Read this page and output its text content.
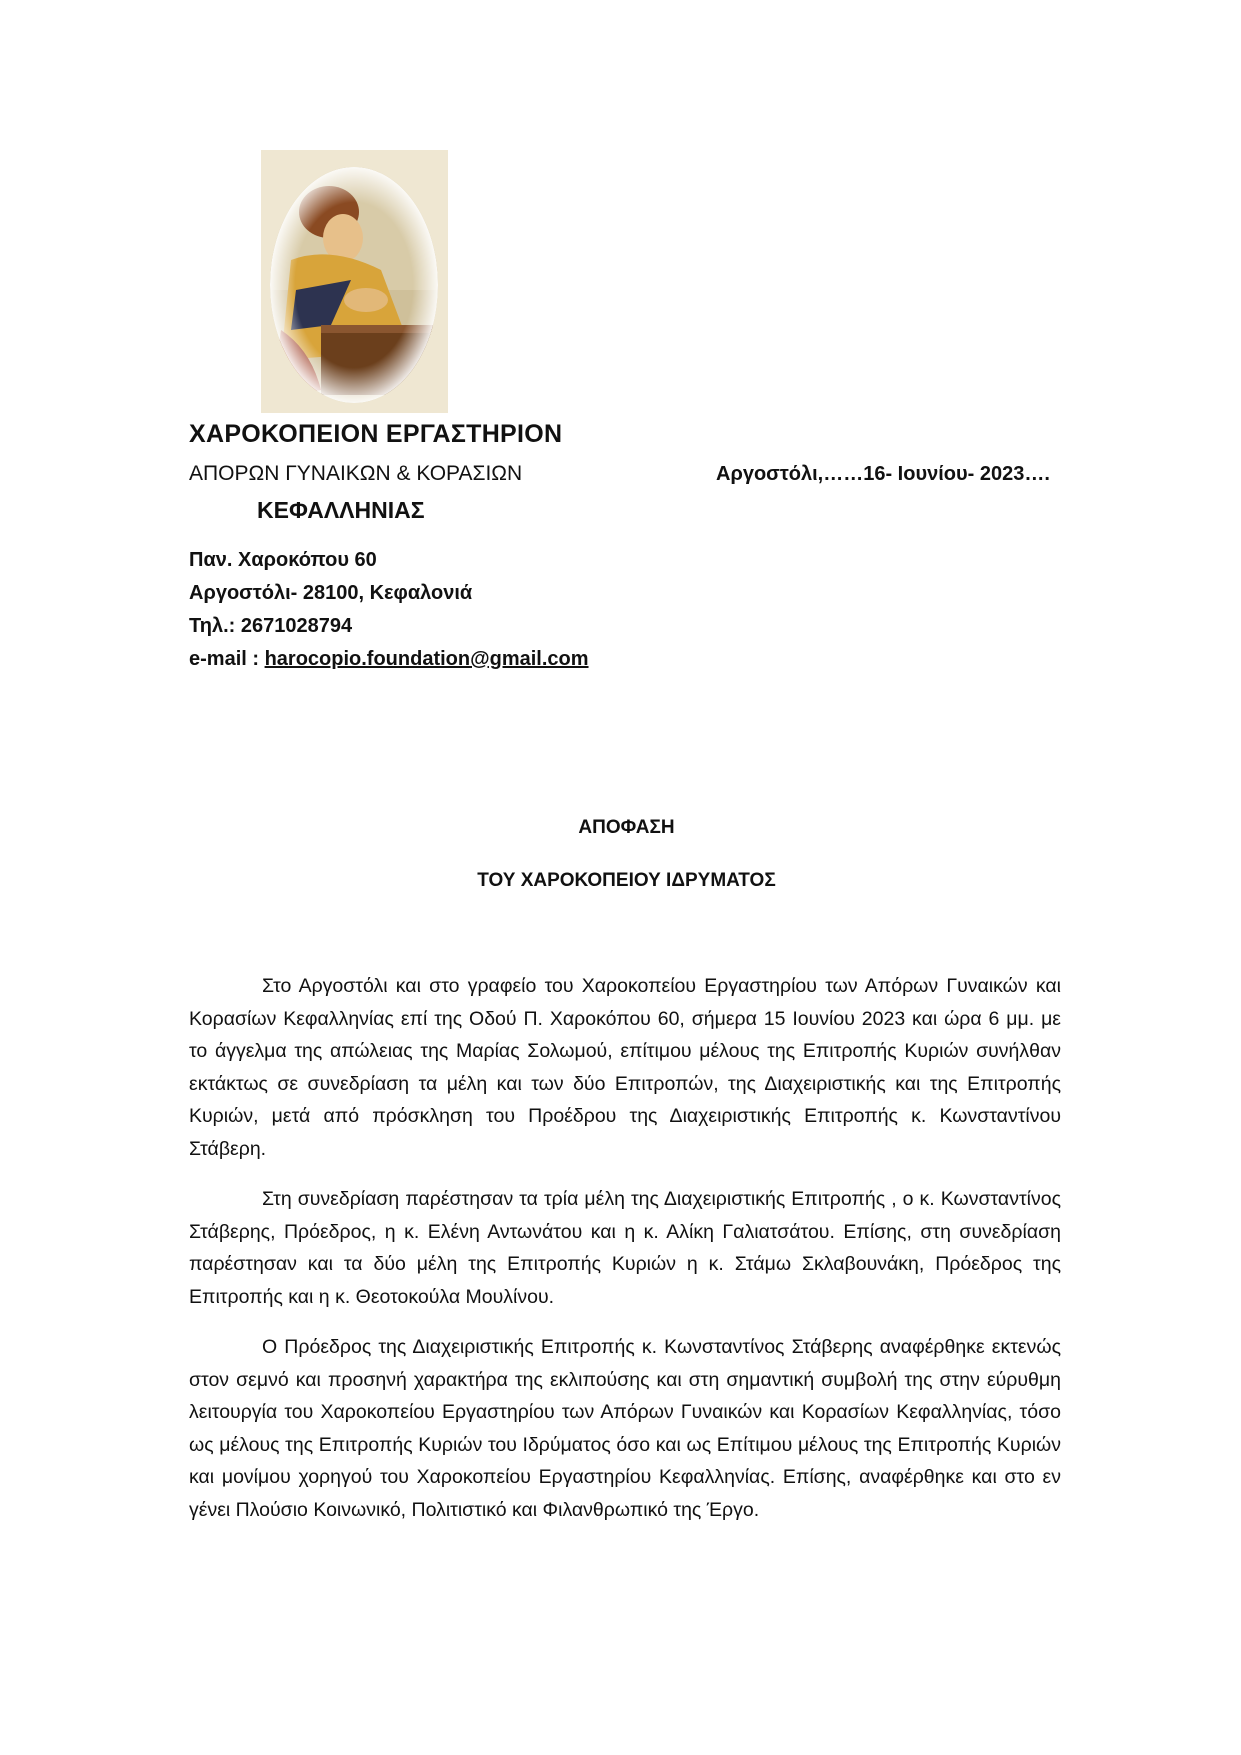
ΧΑΡΟΚΟΠΕΙΟΝ ΕΡΓΑΣΤΗΡΙΟΝ
ΑΠΟΡΩΝ ΓΥΝΑΙΚΩΝ & ΚΟΡΑΣΙΩΝ
ΚΕΦΑΛΛΗΝΙΑΣ
Αργοστόλι,……16- Ιουνίου- 2023….
Παν. Χαροκόπου 60
Αργοστόλι- 28100, Κεφαλονιά
Τηλ.: 2671028794
e-mail : harocopio.foundation@gmail.com
ΑΠΟΦΑΣΗ
ΤΟΥ ΧΑΡΟΚΟΠΕΙΟΥ ΙΔΡΥΜΑΤΟΣ

Στο Αργοστόλι και στο γραφείο του Χαροκοπείου Εργαστηρίου των Απόρων Γυναικών και Κορασίων Κεφαλληνίας επί της Οδού Π. Χαροκόπου 60, σήμερα 15 Ιουνίου 2023 και ώρα 6 μμ. με το άγγελμα της απώλειας της Μαρίας Σολωμού, επίτιμου μέλους της Επιτροπής Κυριών συνήλθαν εκτάκτως σε συνεδρίαση τα μέλη και των δύο Επιτροπών, της Διαχειριστικής και της Επιτροπής Κυριών, μετά από πρόσκληση του Προέδρου της Διαχειριστικής Επιτροπής κ. Κωνσταντίνου Στάβερη.

Στη συνεδρίαση παρέστησαν τα τρία μέλη της Διαχειριστικής Επιτροπής , ο κ. Κωνσταντίνος Στάβερης, Πρόεδρος, η κ. Ελένη Αντωνάτου και η κ. Αλίκη Γαλιατσάτου. Επίσης, στη συνεδρίαση παρέστησαν και τα δύο μέλη της Επιτροπής Κυριών η κ. Στάμω Σκλαβουνάκη, Πρόεδρος της Επιτροπής και η κ. Θεοτοκούλα Μουλίνου.

Ο Πρόεδρος της Διαχειριστικής Επιτροπής κ. Κωνσταντίνος Στάβερης αναφέρθηκε εκτενώς στον σεμνό και προσηνή χαρακτήρα της εκλιπούσης και στη σημαντική συμβολή της στην εύρυθμη λειτουργία του Χαροκοπείου Εργαστηρίου των Απόρων Γυναικών και Κορασίων Κεφαλληνίας, τόσο ως μέλους της Επιτροπής Κυριών του Ιδρύματος όσο και ως Επίτιμου μέλους της Επιτροπής Κυριών και μονίμου χορηγού του Χαροκοπείου Εργαστηρίου Κεφαλληνίας. Επίσης, αναφέρθηκε και στο εν γένει Πλούσιο Κοινωνικό, Πολιτιστικό και Φιλανθρωπικό της Έργο.
